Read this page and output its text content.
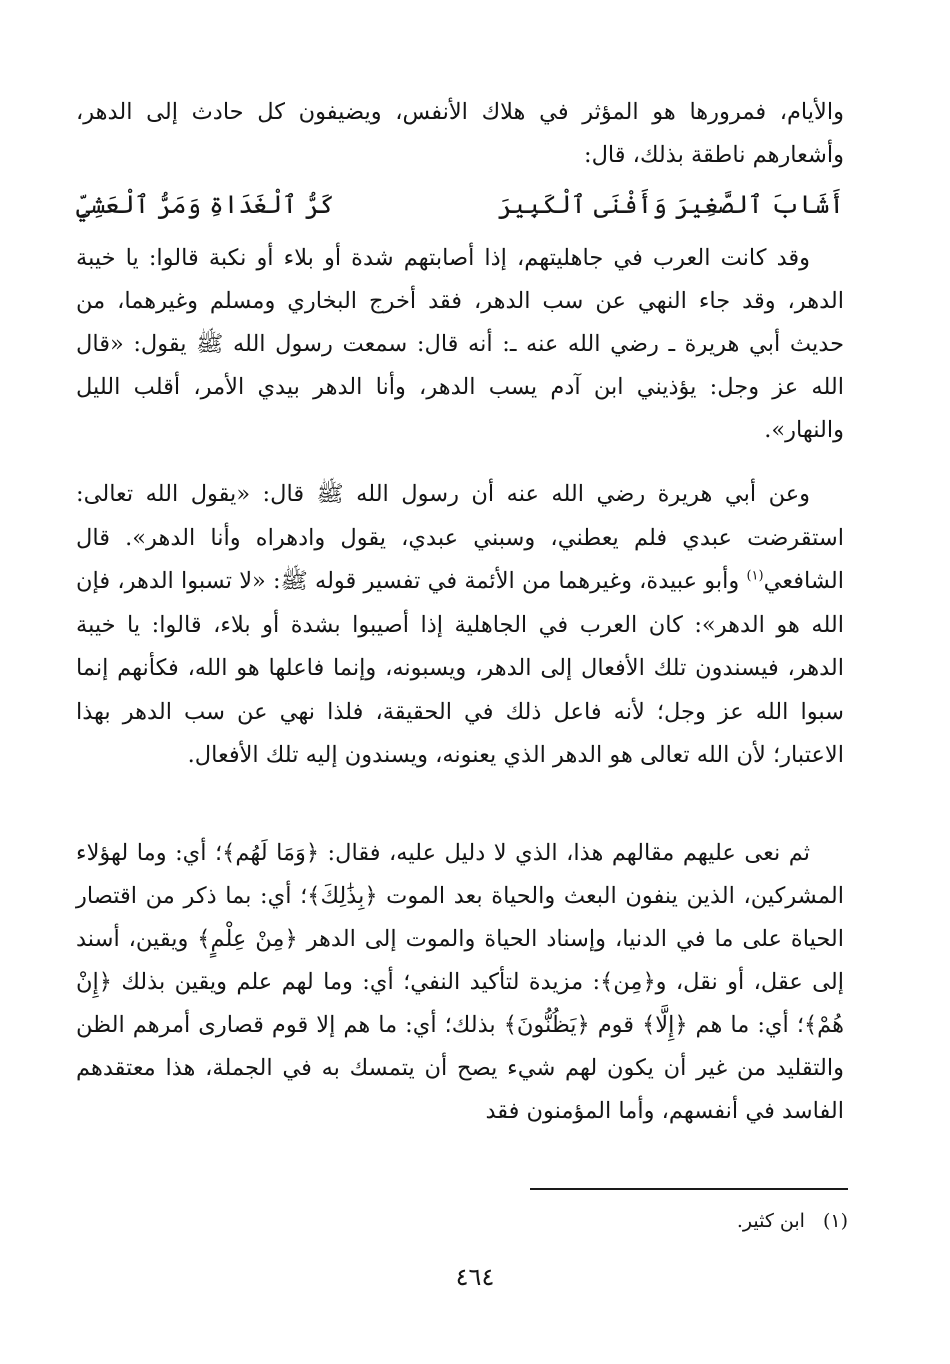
والأيام، فمرورها هو المؤثر في هلاك الأنفس، ويضيفون كل حادث إلى الدهر، وأشعارهم ناطقة بذلك، قال:

أَشَابَ ٱلصَّغِيرَ وَأَفْنَى ٱلْكَبِيرَ
كَرُّ ٱلْغَدَاةِ وَمَرُّ ٱلْعَشِيِّ

وقد كانت العرب في جاهليتهم، إذا أصابتهم شدة أو بلاء أو نكبة قالوا: يا خيبة الدهر، وقد جاء النهي عن سب الدهر، فقد أخرج البخاري ومسلم وغيرهما، من حديث أبي هريرة ـ رضي الله عنه ـ: أنه قال: سمعت رسول الله ﷺ يقول: «قال الله عز وجل: يؤذيني ابن آدم يسب الدهر، وأنا الدهر بيدي الأمر، أقلب الليل والنهار».

وعن أبي هريرة رضي الله عنه أن رسول الله ﷺ قال: «يقول الله تعالى: استقرضت عبدي فلم يعطني، وسبني عبدي، يقول وادهراه وأنا الدهر». قال الشافعي$^{(١)}$ وأبو عبيدة، وغيرهما من الأئمة في تفسير قوله ﷺ: «لا تسبوا الدهر، فإن الله هو الدهر»: كان العرب في الجاهلية إذا أصيبوا بشدة أو بلاء، قالوا: يا خيبة الدهر، فيسندون تلك الأفعال إلى الدهر، ويسبونه، وإنما فاعلها هو الله، فكأنهم إنما سبوا الله عز وجل؛ لأنه فاعل ذلك في الحقيقة، فلذا نهي عن سب الدهر بهذا الاعتبار؛ لأن الله تعالى هو الدهر الذي يعنونه، ويسندون إليه تلك الأفعال.

ثم نعى عليهم مقالهم هذا، الذي لا دليل عليه، فقال: ﴿وَمَا لَهُم﴾؛ أي: وما لهؤلاء المشركين، الذين ينفون البعث والحياة بعد الموت ﴿بِذَٰلِكَ﴾؛ أي: بما ذكر من اقتصار الحياة على ما في الدنيا، وإسناد الحياة والموت إلى الدهر ﴿مِنْ عِلْمٍ﴾ ويقين، أسند إلى عقل، أو نقل، و﴿مِن﴾: مزيدة لتأكيد النفي؛ أي: وما لهم علم ويقين بذلك ﴿إِنْ هُمْ﴾؛ أي: ما هم ﴿إِلَّا﴾ قوم ﴿يَظُنُّونَ﴾ بذلك؛ أي: ما هم إلا قوم قصارى أمرهم الظن والتقليد من غير أن يكون لهم شيء يصح أن يتمسك به في الجملة، هذا معتقدهم الفاسد في أنفسهم، وأما المؤمنون فقد

(١)ابن كثير.
٤٦٤
